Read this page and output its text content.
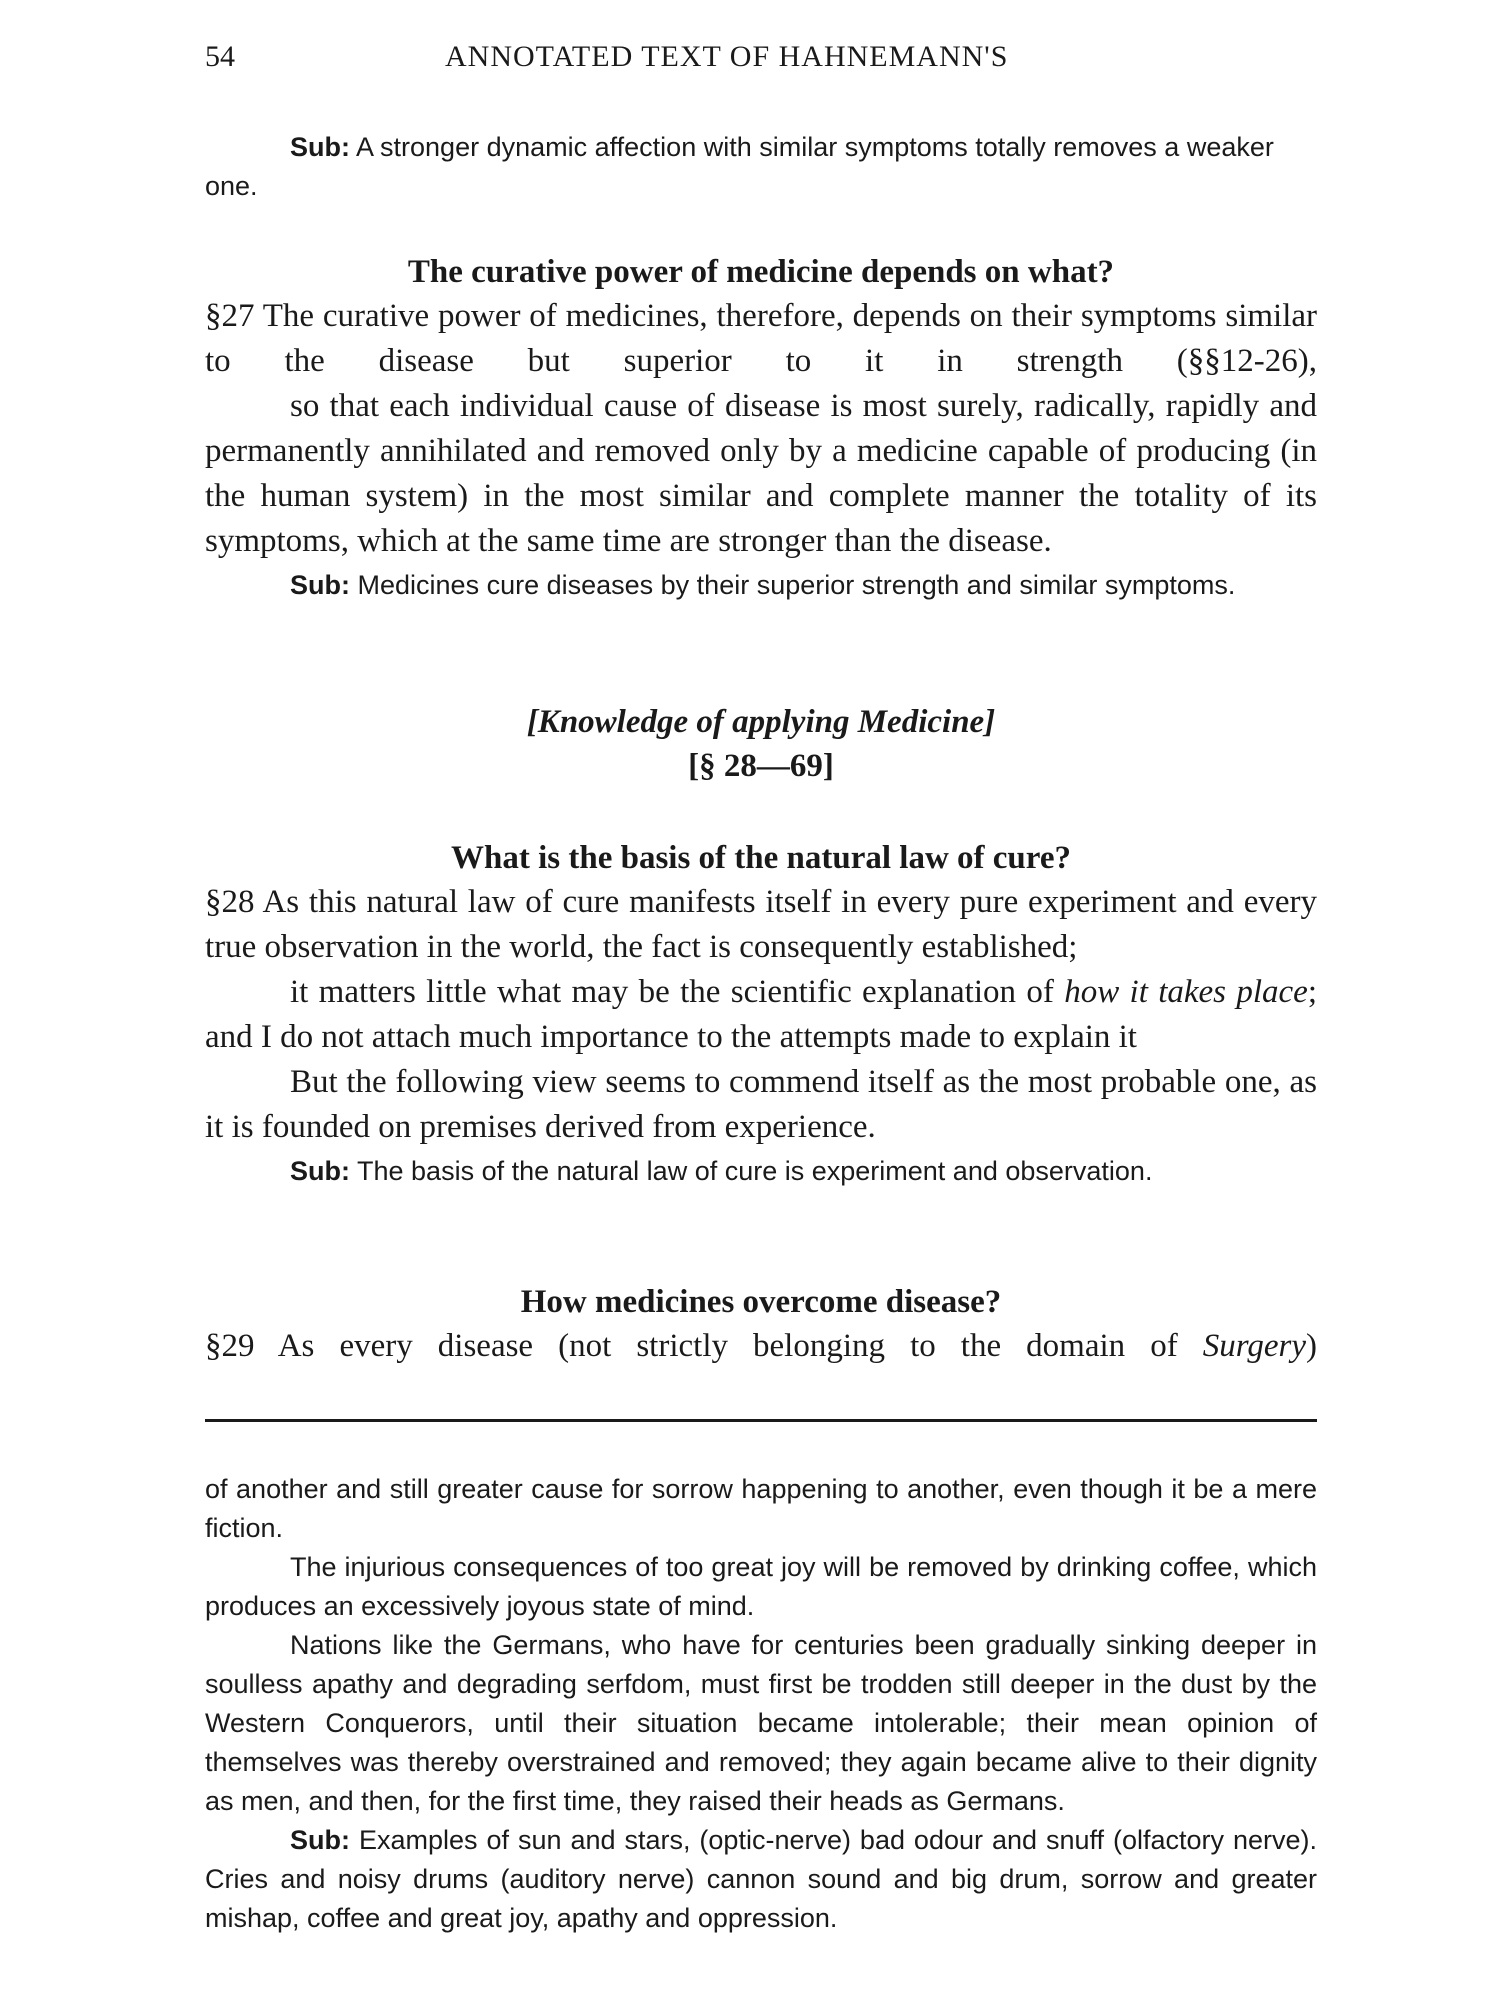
54	ANNOTATED TEXT OF HAHNEMANN'S

Sub: A stronger dynamic affection with similar symptoms totally removes a weaker one.

The curative power of medicine depends on what?

§27 The curative power of medicines, therefore, depends on their symptoms similar to the disease but superior to it in strength (§§12-26),

so that each individual cause of disease is most surely, radically, rapidly and permanently annihilated and removed only by a medicine capable of producing (in the human system) in the most similar and complete manner the totality of its symptoms, which at the same time are stronger than the disease.

Sub: Medicines cure diseases by their superior strength and similar symptoms.

[Knowledge of applying Medicine]

[§ 28—69]

What is the basis of the natural law of cure?

§28 As this natural law of cure manifests itself in every pure experiment and every true observation in the world, the fact is consequently established;

it matters little what may be the scientific explanation of how it takes place; and I do not attach much importance to the attempts made to explain it

But the following view seems to commend itself as the most probable one, as it is founded on premises derived from experience.

Sub: The basis of the natural law of cure is experiment and observation.

How medicines overcome disease?

§29 As every disease (not strictly belonging to the domain of Surgery)

of another and still greater cause for sorrow happening to another, even though it be a mere fiction.

The injurious consequences of too great joy will be removed by drinking coffee, which produces an excessively joyous state of mind.

Nations like the Germans, who have for centuries been gradually sinking deeper in soulless apathy and degrading serfdom, must first be trodden still deeper in the dust by the Western Conquerors, until their situation became intolerable; their mean opinion of themselves was thereby overstrained and removed; they again became alive to their dignity as men, and then, for the first time, they raised their heads as Germans.

Sub: Examples of sun and stars, (optic-nerve) bad odour and snuff (olfactory nerve). Cries and noisy drums (auditory nerve) cannon sound and big drum, sorrow and greater mishap, coffee and great joy, apathy and oppression.
